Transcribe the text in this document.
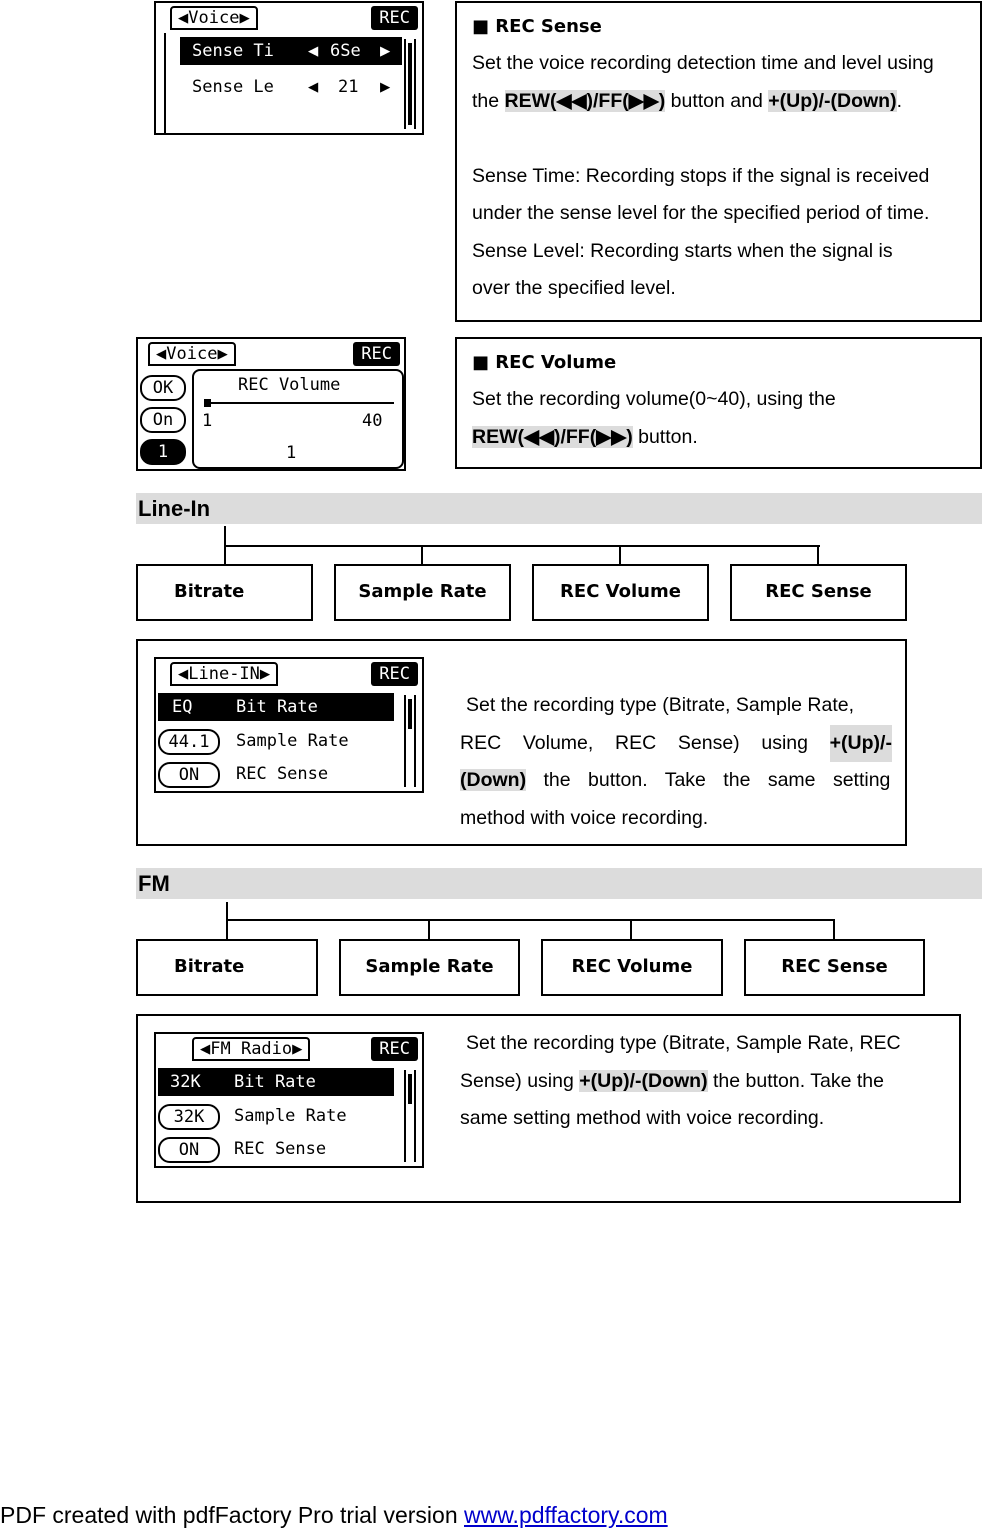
◀Voice▶	REC
Sense Ti ◀ 6Se ▶
Sense Le ◀ 21 ▶
■ REC Sense
Set the voice recording detection time and level using
the REW(◀◀)/FF(▶▶) button and +(Up)/-(Down).
Sense Time: Recording stops if the signal is received
under the sense level for the specified period of time.
Sense Level: Recording starts when the signal is
over the specified level.
◀Voice▶	REC
OK
On
1
REC Volume
1	40
1
■ REC Volume
Set the recording volume(0~40), using the
REW(◀◀)/FF(▶▶) button.
Line-In
Bitrate	Sample Rate	REC Volume	REC Sense
◀Line-IN▶	REC
EQ	Bit Rate
44.1	Sample Rate
ON	REC Sense
Set the recording type (Bitrate, Sample Rate,
REC Volume, REC Sense) using +(Up)/-
(Down) the button. Take the same setting
method with voice recording.
FM
Bitrate	Sample Rate	REC Volume	REC Sense
◀FM Radio▶	REC
32K Bit Rate
32K	Sample Rate
ON	REC Sense
Set the recording type (Bitrate, Sample Rate, REC
Sense) using +(Up)/-(Down) the button. Take the
same setting method with voice recording.
PDF created with pdfFactory Pro trial version www.pdffactory.com
